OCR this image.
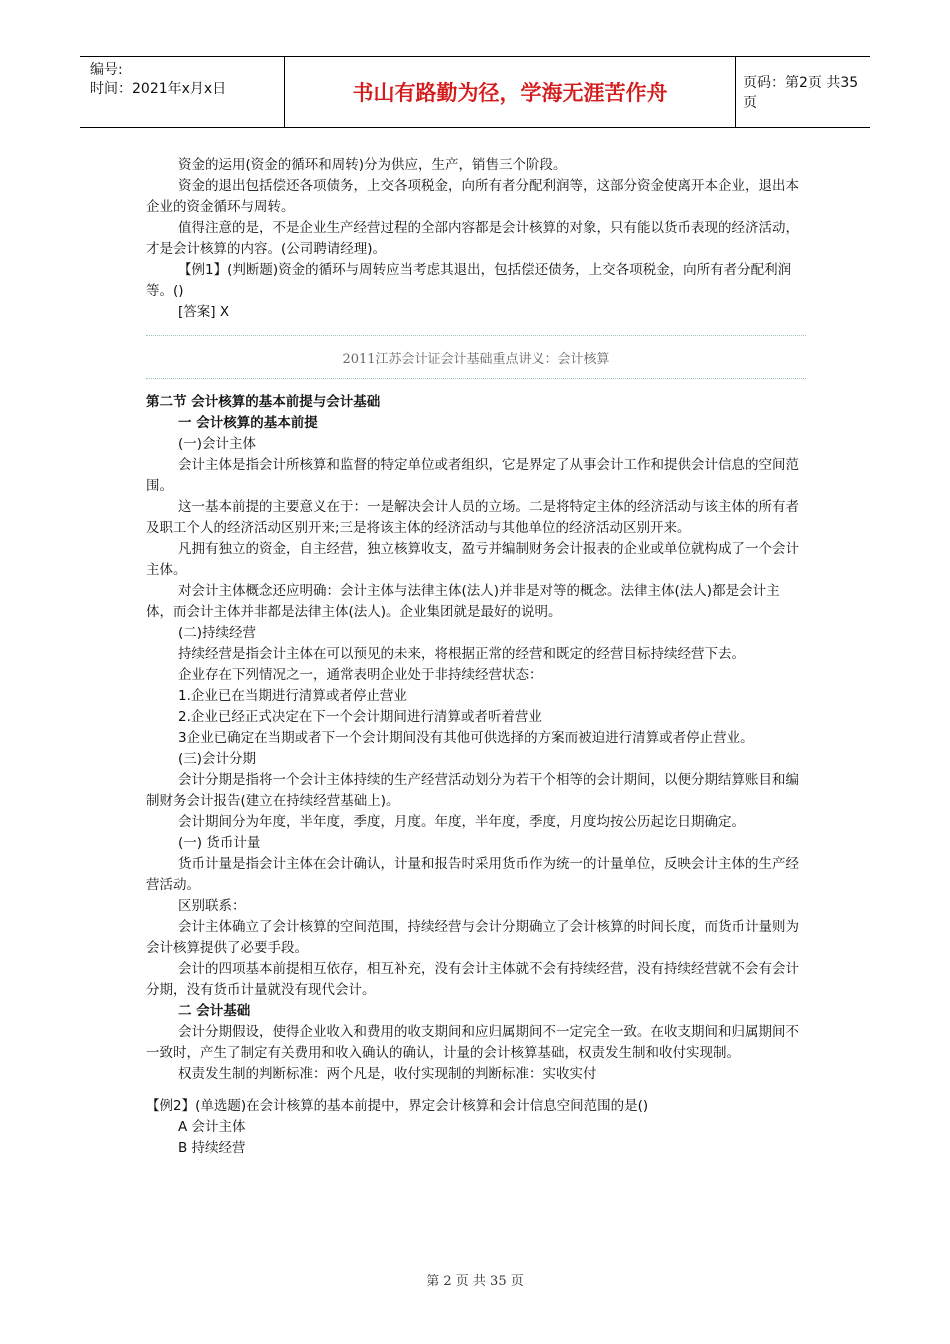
编号:
时间：2021年x月x日	书山有路勤为径，学海无涯苦作舟	页码：第2页 共35页

资金的运用(资金的循环和周转)分为供应，生产，销售三个阶段。

资金的退出包括偿还各项债务，上交各项税金，向所有者分配利润等，这部分资金使离开本企业，退出本企业的资金循环与周转。

值得注意的是，不是企业生产经营过程的全部内容都是会计核算的对象，只有能以货币表现的经济活动，才是会计核算的内容。(公司聘请经理)。

【例1】(判断题)资金的循环与周转应当考虑其退出，包括偿还债务，上交各项税金，向所有者分配利润等。()

[答案] X

2011江苏会计证会计基础重点讲义：会计核算

第二节 会计核算的基本前提与会计基础

一 会计核算的基本前提

(一)会计主体

会计主体是指会计所核算和监督的特定单位或者组织，它是界定了从事会计工作和提供会计信息的空间范围。

这一基本前提的主要意义在于：一是解决会计人员的立场。二是将特定主体的经济活动与该主体的所有者及职工个人的经济活动区别开来;三是将该主体的经济活动与其他单位的经济活动区别开来。

凡拥有独立的资金，自主经营，独立核算收支，盈亏并编制财务会计报表的企业或单位就构成了一个会计主体。

对会计主体概念还应明确：会计主体与法律主体(法人)并非是对等的概念。法律主体(法人)都是会计主体，而会计主体并非都是法律主体(法人)。企业集团就是最好的说明。

(二)持续经营

持续经营是指会计主体在可以预见的未来，将根据正常的经营和既定的经营目标持续经营下去。

企业存在下列情况之一，通常表明企业处于非持续经营状态：

1.企业已在当期进行清算或者停止营业

2.企业已经正式决定在下一个会计期间进行清算或者听着营业

3企业已确定在当期或者下一个会计期间没有其他可供选择的方案而被迫进行清算或者停止营业。

(三)会计分期

会计分期是指将一个会计主体持续的生产经营活动划分为若干个相等的会计期间，以便分期结算账目和编制财务会计报告(建立在持续经营基础上)。

会计期间分为年度，半年度，季度，月度。年度，半年度，季度，月度均按公历起讫日期确定。

(一) 货币计量

货币计量是指会计主体在会计确认，计量和报告时采用货币作为统一的计量单位，反映会计主体的生产经营活动。

区别联系：

会计主体确立了会计核算的空间范围，持续经营与会计分期确立了会计核算的时间长度，而货币计量则为会计核算提供了必要手段。

会计的四项基本前提相互依存，相互补充，没有会计主体就不会有持续经营，没有持续经营就不会有会计分期，没有货币计量就没有现代会计。

二 会计基础

会计分期假设，使得企业收入和费用的收支期间和应归属期间不一定完全一致。在收支期间和归属期间不一致时，产生了制定有关费用和收入确认的确认，计量的会计核算基础，权责发生制和收付实现制。

权责发生制的判断标准：两个凡是，收付实现制的判断标准：实收实付

【例2】(单选题)在会计核算的基本前提中，界定会计核算和会计信息空间范围的是()

A 会计主体

B 持续经营

第 2 页 共 35 页
